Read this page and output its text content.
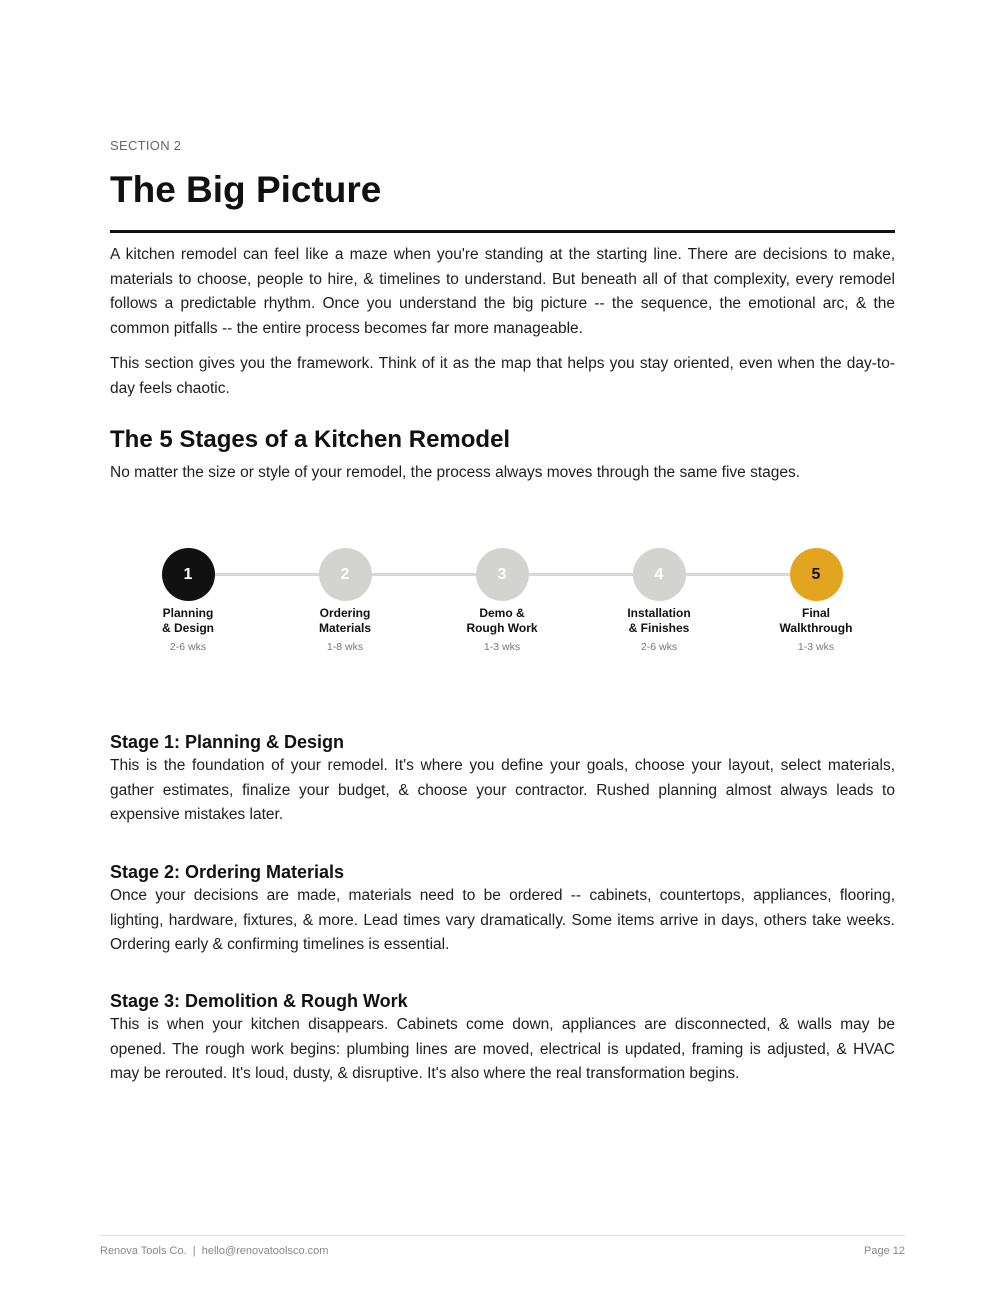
SECTION 2
The Big Picture

A kitchen remodel can feel like a maze when you're standing at the starting line. There are decisions to make, materials to choose, people to hire, & timelines to understand. But beneath all of that complexity, every remodel follows a predictable rhythm. Once you understand the big picture -- the sequence, the emotional arc, & the common pitfalls -- the entire process becomes far more manageable.

This section gives you the framework. Think of it as the map that helps you stay oriented, even when the day-to-day feels chaotic.

The 5 Stages of a Kitchen Remodel
No matter the size or style of your remodel, the process always moves through the same five stages.
1
Planning
& Design
2-6 wks
2
Ordering
Materials
1-8 wks
3
Demo &
Rough Work
1-3 wks
4
Installation
& Finishes
2-6 wks
5
Final
Walkthrough
1-3 wks
Stage 1: Planning & Design

This is the foundation of your remodel. It's where you define your goals, choose your layout, select materials, gather estimates, finalize your budget, & choose your contractor. Rushed planning almost always leads to expensive mistakes later.

Stage 2: Ordering Materials

Once your decisions are made, materials need to be ordered -- cabinets, countertops, appliances, flooring, lighting, hardware, fixtures, & more. Lead times vary dramatically. Some items arrive in days, others take weeks. Ordering early & confirming timelines is essential.

Stage 3: Demolition & Rough Work

This is when your kitchen disappears. Cabinets come down, appliances are disconnected, & walls may be opened. The rough work begins: plumbing lines are moved, electrical is updated, framing is adjusted, & HVAC may be rerouted. It's loud, dusty, & disruptive. It's also where the real transformation begins.

Renova Tools Co.  |  hello@renovatoolsco.com	Page 12
